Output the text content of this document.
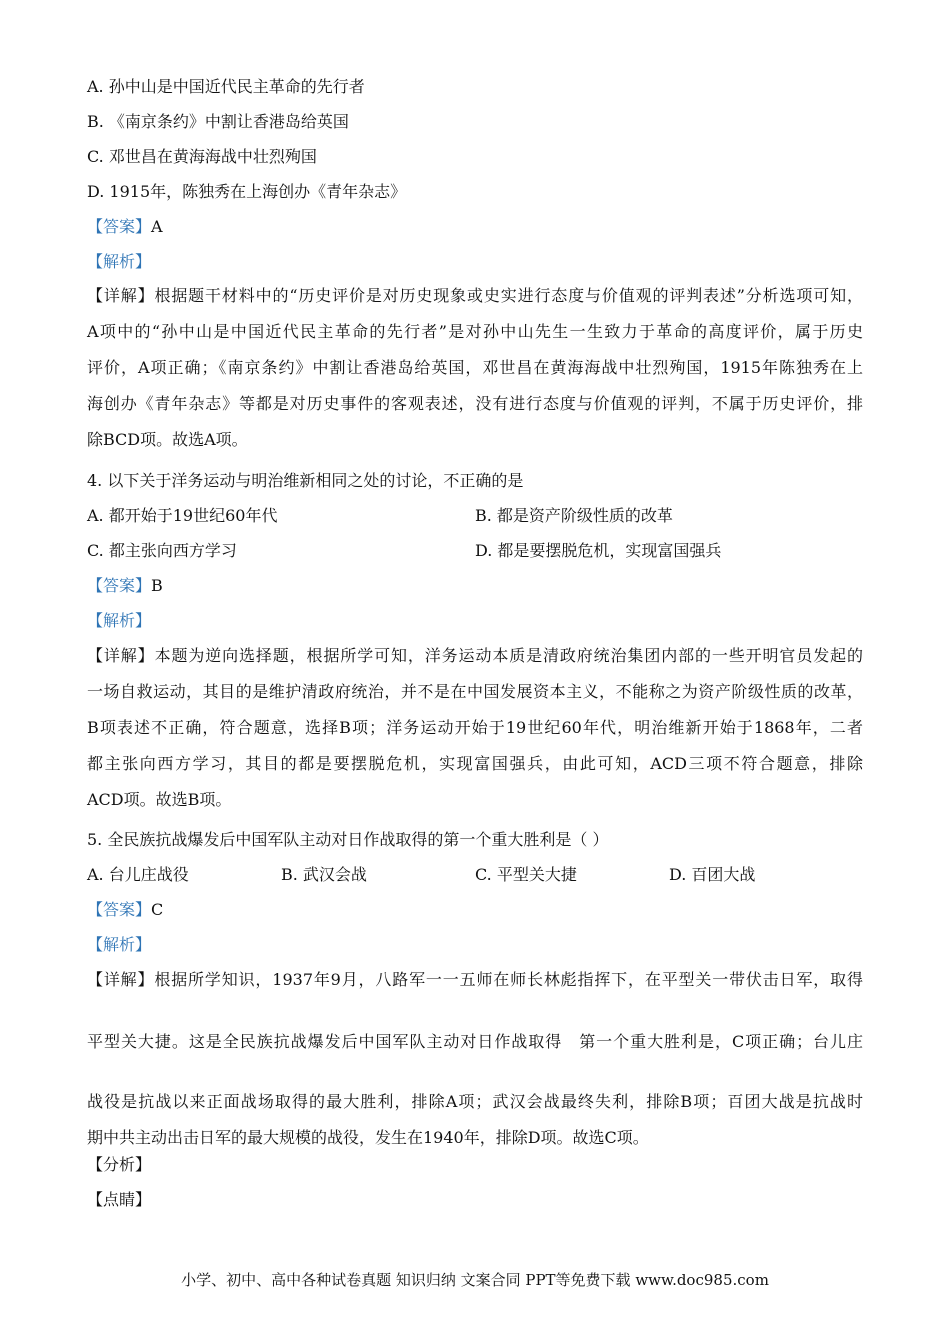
A. 孙中山是中国近代民主革命的先行者
B. 《南京条约》中割让香港岛给英国
C. 邓世昌在黄海海战中壮烈殉国
D. 1915年，陈独秀在上海创办《青年杂志》
【答案】A
【解析】
【详解】根据题干材料中的“历史评价是对历史现象或史实进行态度与价值观的评判表述”分析选项可知，
A项中的“孙中山是中国近代民主革命的先行者”是对孙中山先生一生致力于革命的高度评价，属于历史
评价，A项正确；《南京条约》中割让香港岛给英国，邓世昌在黄海海战中壮烈殉国，1915年陈独秀在上
海创办《青年杂志》等都是对历史事件的客观表述，没有进行态度与价值观的评判，不属于历史评价，排
除BCD项。故选A项。
4. 以下关于洋务运动与明治维新相同之处的讨论，不正确的是
A. 都开始于19世纪60年代	B. 都是资产阶级性质的改革
C. 都主张向西方学习	D. 都是要摆脱危机，实现富国强兵
【答案】B
【解析】
【详解】本题为逆向选择题，根据所学可知，洋务运动本质是清政府统治集团内部的一些开明官员发起的
一场自救运动，其目的是维护清政府统治，并不是在中国发展资本主义，不能称之为资产阶级性质的改革，
B项表述不正确，符合题意，选择B项；洋务运动开始于19世纪60年代，明治维新开始于1868年，二者
都主张向西方学习，其目的都是要摆脱危机，实现富国强兵，由此可知，ACD三项不符合题意，排除
ACD项。故选B项。
5. 全民族抗战爆发后中国军队主动对日作战取得的第一个重大胜利是（ ）
A. 台儿庄战役	B. 武汉会战	C. 平型关大捷	D. 百团大战
【答案】C
【解析】
【详解】根据所学知识，1937年9月，八路军一一五师在师长林彪指挥下，在平型关一带伏击日军，取得
平型关大捷。这是全民族抗战爆发后中国军队主动对日作战取得　第一个重大胜利是，C项正确；台儿庄
战役是抗战以来正面战场取得的最大胜利，排除A项；武汉会战最终失利，排除B项；百团大战是抗战时
期中共主动出击日军的最大规模的战役，发生在1940年，排除D项。故选C项。
【分析】
【点睛】
小学、初中、高中各种试卷真题 知识归纳 文案合同 PPT等免费下载 www.doc985.com
